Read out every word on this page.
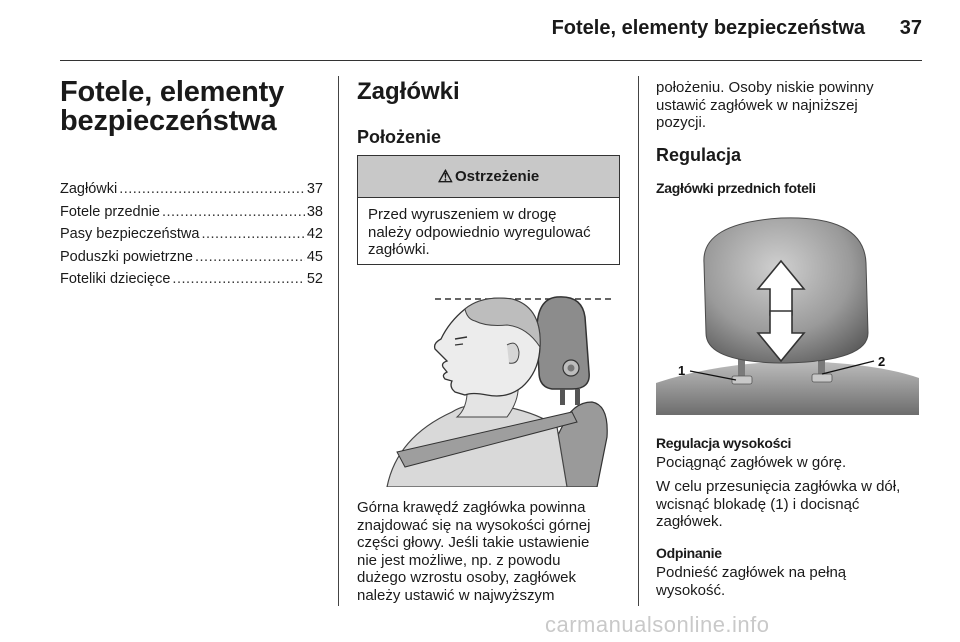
Fotele, elementy bezpieczeństwa 37
Fotele, elementy
bezpieczeństwa
Zagłówki .....	37
Fotele przednie .....	38
Pasy bezpieczeństwa .....	42
Poduszki powietrzne .....	45
Foteliki dziecięce .....	52
Zagłówki
Położenie
⚠ Ostrzeżenie
Przed wyruszeniem w drogę
należy odpowiednio wyregulować
zagłówki.
Górna krawędź zagłówka powinna
znajdować się na wysokości górnej
części głowy. Jeśli takie ustawienie
nie jest możliwe, np. z powodu
dużego wzrostu osoby, zagłówek
należy ustawić w najwyższym
położeniu. Osoby niskie powinny
ustawić zagłówek w najniższej
pozycji.
Regulacja
Zagłówki przednich foteli
1
2
Regulacja wysokości
Pociągnąć zagłówek w górę.
W celu przesunięcia zagłówka w dół,
wcisnąć blokadę (1) i docisnąć
zagłówek.
Odpinanie
Podnieść zagłówek na pełną
wysokość.
carmanualsonline.info
